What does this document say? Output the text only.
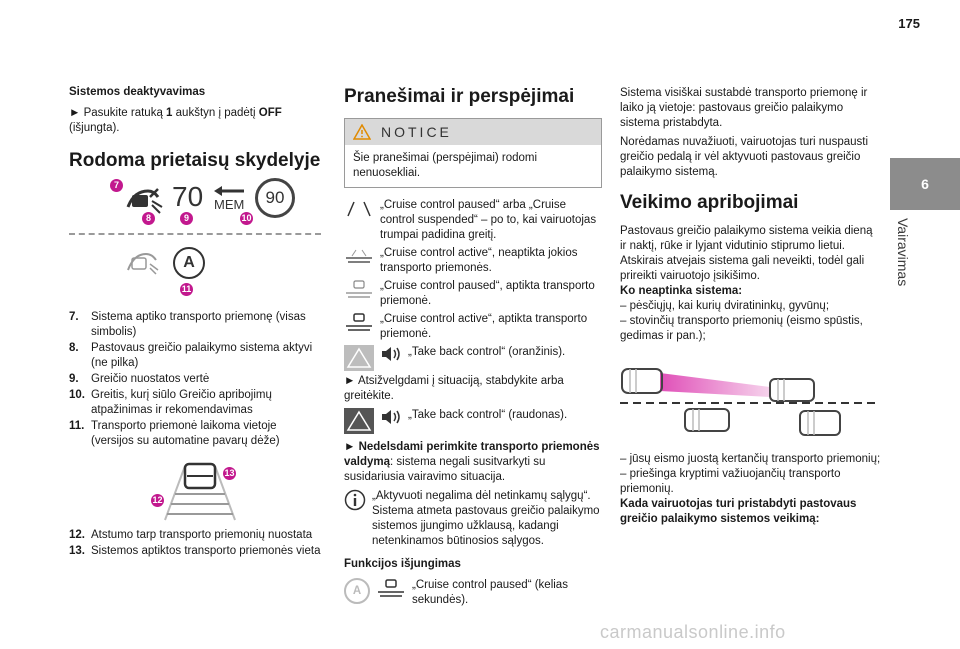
175
6
Vairavimas
Sistemos deaktyvavimas

► Pasukite ratuką 1 aukštyn į padėtį OFF (išjungta).

Rodoma prietaisų skydelyje
70 MEM	90
7
8	9	10
A
11
7.	Sistema aptiko transporto priemonę (visas simbolis)
8.	Pastovaus greičio palaikymo sistema aktyvi (ne pilka)
9.	Greičio nuostatos vertė
10. Greitis, kurį siūlo Greičio apribojimų atpažinimas ir rekomendavimas
11. Transporto priemonė laikoma vietoje (versijos su automatine pavarų dėže)
13
12
12. Atstumo tarp transporto priemonių nuostata
13. Sistemos aptiktos transporto priemonės vieta
Pranešimai ir perspėjimai
NOTICE
Šie pranešimai (perspėjimai) rodomi nenuosekliai.
„Cruise control paused“ arba „Cruise control suspended“ – po to, kai vairuotojas trumpai padidina greitį.
„Cruise control active“, neaptikta jokios transporto priemonės.
„Cruise control paused“, aptikta transporto priemonė.
„Cruise control active“, aptikta transporto priemonė.
„Take back control“ (oranžinis).

► Atsižvelgdami į situaciją, stabdykite arba greitėkite.

„Take back control“ (raudonas).

► Nedelsdami perimkite transporto priemonės valdymą: sistema negali susitvarkyti su susidariusia vairavimo situacija.

„Aktyvuoti negalima dėl netinkamų sąlygų“. Sistema atmeta pastovaus greičio palaikymo sistemos įjungimo užklausą, kadangi netenkinamos būtinosios sąlygos.
Funkcijos išjungimas
A	„Cruise control paused“ (kelias sekundės).

Sistema visiškai sustabdė transporto priemonę ir laiko ją vietoje: pastovaus greičio palaikymo sistema pristabdyta.

Norėdamas nuvažiuoti, vairuotojas turi nuspausti greičio pedalą ir vėl aktyvuoti pastovaus greičio palaikymo sistemą.

Veikimo apribojimai

Pastovaus greičio palaikymo sistema veikia dieną ir naktį, rūke ir lyjant vidutinio stiprumo lietui.

Atskirais atvejais sistema gali neveikti, todėl gali prireikti vairuotojo įsikišimo.

Ko neaptinka sistema:

– pėsčiųjų, kai kurių dviratininkų, gyvūnų;

– stovinčių transporto priemonių (eismo spūstis, gedimas ir pan.);

– jūsų eismo juostą kertančių transporto priemonių;

– priešinga kryptimi važiuojančių transporto priemonių.

Kada vairuotojas turi pristabdyti pastovaus greičio palaikymo sistemos veikimą:

carmanualsonline.info
